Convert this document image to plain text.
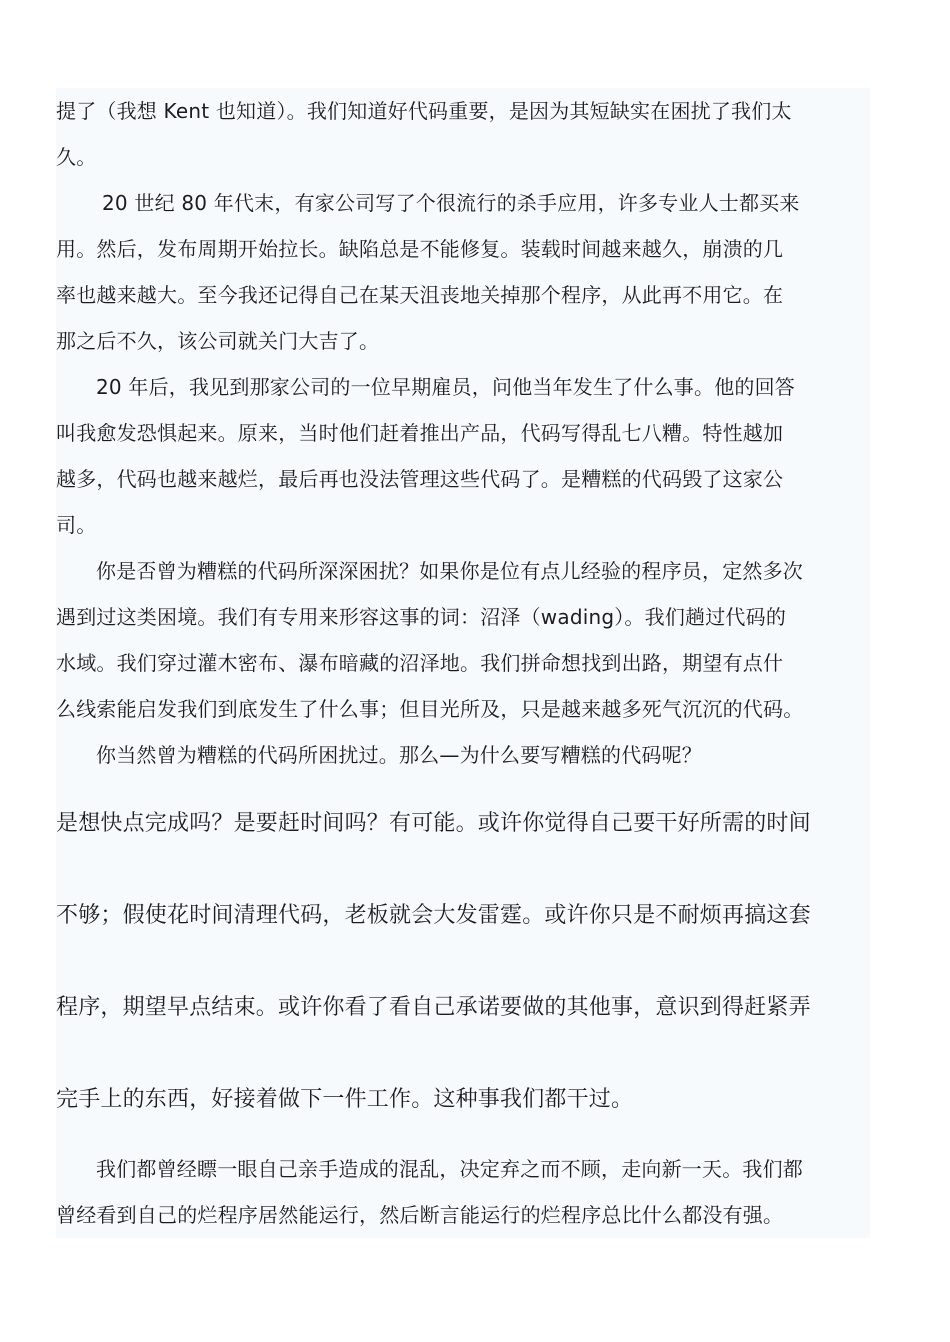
提了（我想 Kent 也知道）。我们知道好代码重要，是因为其短缺实在困扰了我们太

久。

20 世纪 80 年代末，有家公司写了个很流行的杀手应用，许多专业人士都买来

用。然后，发布周期开始拉长。缺陷总是不能修复。装载时间越来越久，崩溃的几

率也越来越大。至今我还记得自己在某天沮丧地关掉那个程序，从此再不用它。在

那之后不久，该公司就关门大吉了。

20 年后，我见到那家公司的一位早期雇员，问他当年发生了什么事。他的回答

叫我愈发恐惧起来。原来，当时他们赶着推出产品，代码写得乱七八糟。特性越加

越多，代码也越来越烂，最后再也没法管理这些代码了。是糟糕的代码毁了这家公

司。

你是否曾为糟糕的代码所深深困扰？如果你是位有点儿经验的程序员，定然多次

遇到过这类困境。我们有专用来形容这事的词：沼泽（wading）。我们趟过代码的

水域。我们穿过灌木密布、瀑布暗藏的沼泽地。我们拼命想找到出路，期望有点什

么线索能启发我们到底发生了什么事；但目光所及，只是越来越多死气沉沉的代码。

你当然曾为糟糕的代码所困扰过。那么—为什么要写糟糕的代码呢？

是想快点完成吗？是要赶时间吗？有可能。或许你觉得自己要干好所需的时间

不够；假使花时间清理代码，老板就会大发雷霆。或许你只是不耐烦再搞这套

程序，期望早点结束。或许你看了看自己承诺要做的其他事，意识到得赶紧弄

完手上的东西，好接着做下一件工作。这种事我们都干过。

我们都曾经瞟一眼自己亲手造成的混乱，决定弃之而不顾，走向新一天。我们都

曾经看到自己的烂程序居然能运行，然后断言能运行的烂程序总比什么都没有强。
